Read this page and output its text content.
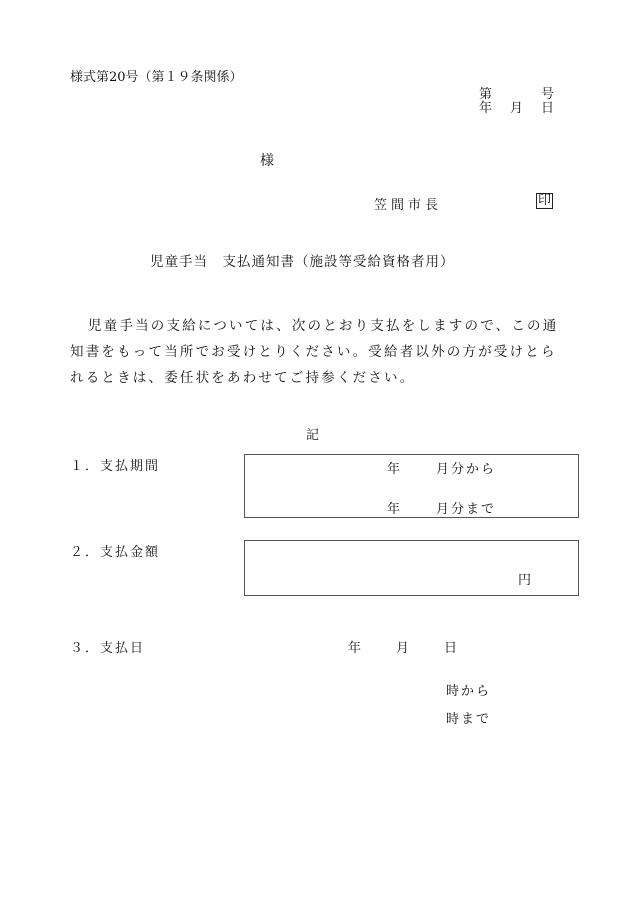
様式第20号（第１９条関係）
第	号
年 月 日
様
笠間市長	印
児童手当　支払通知書（施設等受給資格者用）
児童手当の支給については、次のとおり支払をしますので、この通
知書をもって当所でお受けとりください。受給者以外の方が受けとら
れるときは、委任状をあわせてご持参ください。
記
１．支払期間	年	月分から
年	月分まで
２．支払金額
円
３．支払日	年	月	日
時から
時まで
